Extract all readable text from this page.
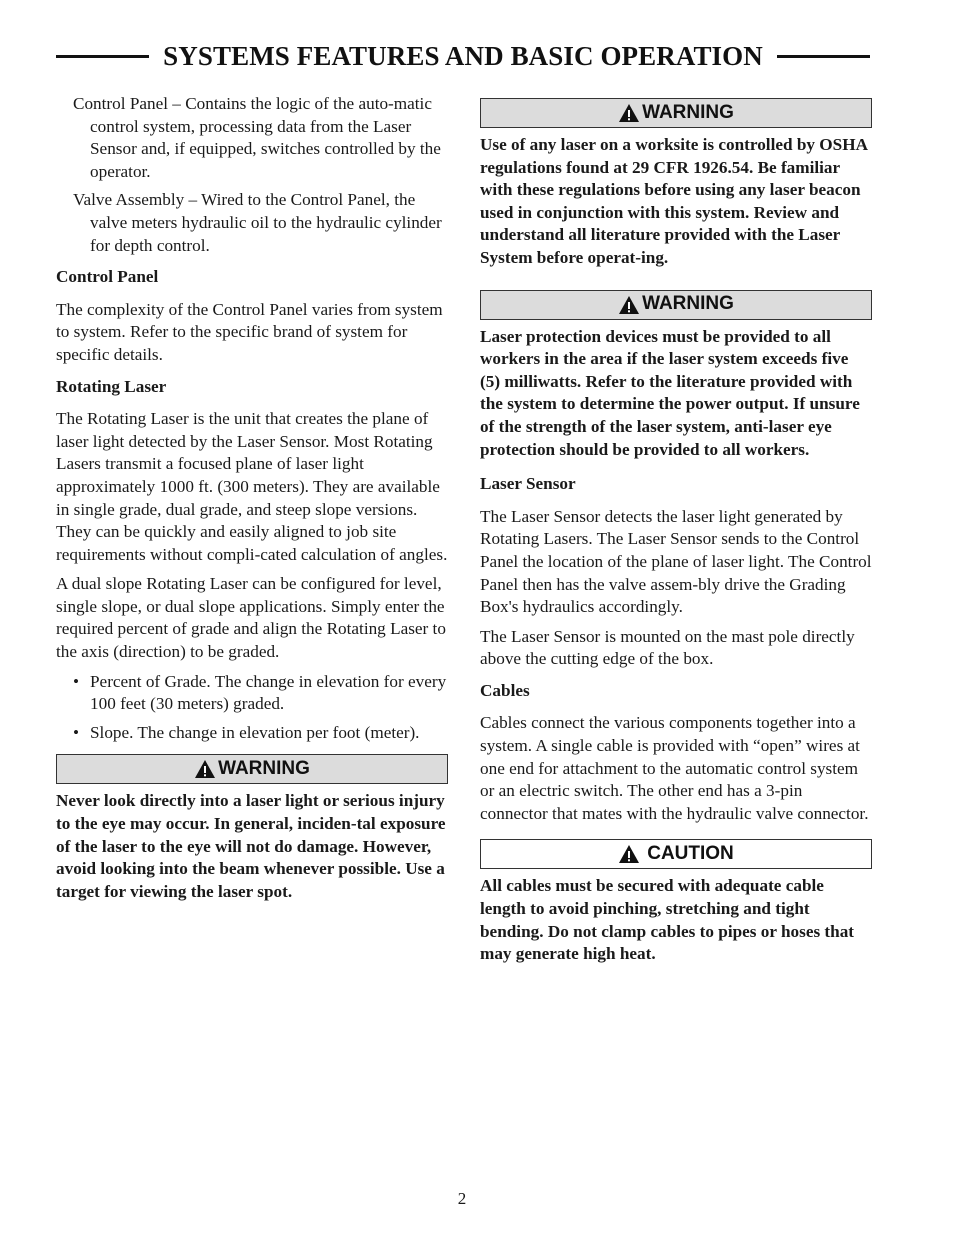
SYSTEMS FEATURES AND BASIC OPERATION

Control Panel – Contains the logic of the auto-matic control system, processing data from the Laser Sensor and, if equipped, switches controlled by the operator.

Valve Assembly – Wired to the Control Panel, the valve meters hydraulic oil to the hydraulic cylinder for depth control.

Control Panel

The complexity of the Control Panel varies from system to system. Refer to the specific brand of system for specific details.

Rotating Laser

The Rotating Laser is the unit that creates the plane of laser light detected by the Laser Sensor. Most Rotating Lasers transmit a focused plane of laser light approximately 1000 ft. (300 meters). They are available in single grade, dual grade, and steep slope versions. They can be quickly and easily aligned to job site requirements without compli-cated calculation of angles.

A dual slope Rotating Laser can be configured for level, single slope, or dual slope applications. Simply enter the required percent of grade and align the Rotating Laser to the axis (direction) to be graded.

• Percent of Grade. The change in elevation for every 100 feet (30 meters) graded.
• Slope. The change in elevation per foot (meter).
WARNING

Never look directly into a laser light or serious injury to the eye may occur. In general, inciden-tal exposure of the laser to the eye will not do damage. However, avoid looking into the beam whenever possible. Use a target for viewing the laser spot.

WARNING

Use of any laser on a worksite is controlled by OSHA regulations found at 29 CFR 1926.54. Be familiar with these regulations before using any laser beacon used in conjunction with this system. Review and understand all literature provided with the Laser System before operat-ing.

WARNING

Laser protection devices must be provided to all workers in the area if the laser system exceeds five (5) milliwatts. Refer to the literature provided with the system to determine the power output. If unsure of the strength of the laser system, anti-laser eye protection should be provided to all workers.

Laser Sensor

The Laser Sensor detects the laser light generated by Rotating Lasers. The Laser Sensor sends to the Control Panel the location of the plane of laser light. The Control Panel then has the valve assem-bly drive the Grading Box's hydraulics accordingly.

The Laser Sensor is mounted on the mast pole directly above the cutting edge of the box.

Cables

Cables connect the various components together into a system. A single cable is provided with “open” wires at one end for attachment to the automatic control system or an electric switch. The other end has a 3-pin connector that mates with the hydraulic valve connector.

CAUTION

All cables must be secured with adequate cable length to avoid pinching, stretching and tight bending. Do not clamp cables to pipes or hoses that may generate high heat.

2
